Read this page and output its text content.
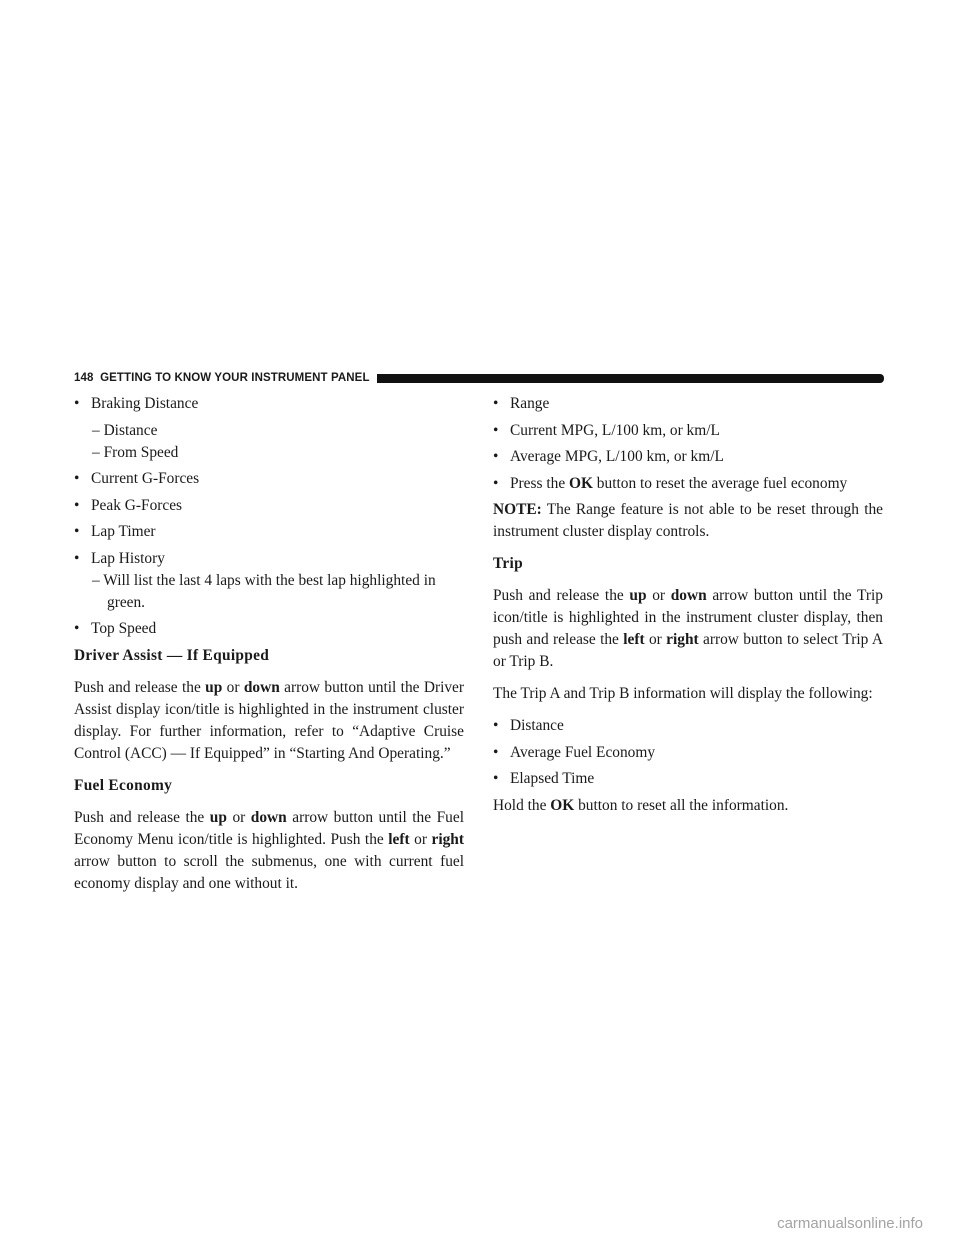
148 GETTING TO KNOW YOUR INSTRUMENT PANEL
• Braking Distance
– Distance
– From Speed
• Current G-Forces
• Peak G-Forces
• Lap Timer
• Lap History
– Will list the last 4 laps with the best lap highlighted in green.
• Top Speed
Driver Assist — If Equipped

Push and release the up or down arrow button until the Driver Assist display icon/title is highlighted in the instrument cluster display. For further information, refer to “Adaptive Cruise Control (ACC) — If Equipped” in “Starting And Operating.”

Fuel Economy

Push and release the up or down arrow button until the Fuel Economy Menu icon/title is highlighted. Push the left or right arrow button to scroll the submenus, one with current fuel economy display and one without it.

• Range
• Current MPG, L/100 km, or km/L
• Average MPG, L/100 km, or km/L
• Press the OK button to reset the average fuel economy

NOTE: The Range feature is not able to be reset through the instrument cluster display controls.

Trip

Push and release the up or down arrow button until the Trip icon/title is highlighted in the instrument cluster display, then push and release the left or right arrow button to select Trip A or Trip B.

The Trip A and Trip B information will display the following:

• Distance
• Average Fuel Economy
• Elapsed Time

Hold the OK button to reset all the information.

carmanualsonline.info
